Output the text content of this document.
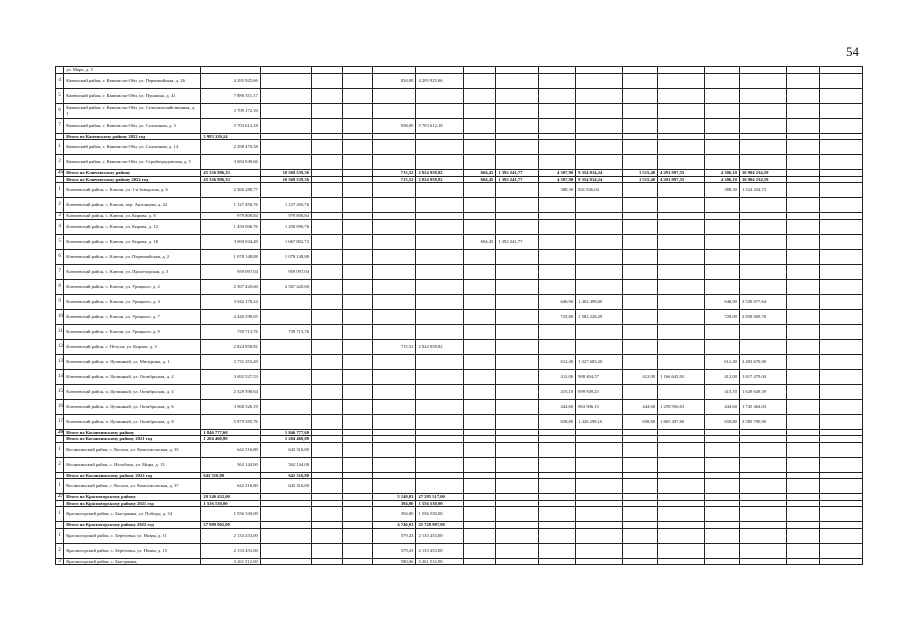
54
	ул. Марx, д. 3																	
4	Каменский район, г. Камень-на-Оби, ул. Первомайская, д. 26	4 295 925,66				834,00	4 295 925,66											
5	Каменский район, г. Камень-на-Оби, ул. Пушкина, д. 41	7 886 551,17																
6	Каменский район, г. Камень-на-Оби, ул. Сельскохозяйственная, д. 1	3 709 172,10																
7	Каменский район, г. Камень-на-Оби, ул. Солнечная, д. 3	5 703 612,18				938,00	5 703 612,18											
	Итого по Каменскому району 2022 год	5 983 320,24																
1	Каменский район, г. Камень-на-Оби, ул. Солнечная, д. 14	2 298 470,58																
2	Каменский район, г. Камень-на-Оби, ул. Стройотрядовская, д. 5	3 684 849,66																
25	Итого по Ключевскому району	45 336 886,33	10 569 539,36			715,52	2 824 958,82	604,45	1 392 241,77	4 307,90	9 354 814,24	1 515,40	4 291 097,55	4 306,10	16 904 234,59			
	Итого по Ключевскому району 2022 год	45 336 886,33	10 569 539,36			715,52	2 824 958,82	604,45	1 392 241,77	4 307,90	9 354 814,24	1 515,40	4 291 097,55	4 306,10	16 904 234,59			
1	Ключевский район, с. Ключи, ул. 1-я Заводская, д. 6	2 366 280,77								388,30	841 846,04			388,30	1 524 434,73			
2	Ключевский район, с. Ключи, пер. Антонцева, д. 22	1 127 450,76	1 127 450,76															
3	Ключевский район, с. Ключи, ул. Кирова, д. 8	979 808,84	979 808,84															
4	Ключевский район, с. Ключи, ул. Кирова, д. 12	1 450 096,76	1 450 096,76															
5	Ключевский район, с. Ключи, ул. Кирова, д. 18	3 060 044,49	1 667 802,72					604,45	1 392 241,77									
6	Ключевский район, с. Ключи, ул. Первомайская, д. 2	1 078 148,88	1 078 148,88															
7	Ключевский район, с. Ключи, ул. Пролетарская, д. 3	959 097,04	959 097,04															
8	Ключевский район, с. Ключи, ул. Урицкого, д. 2	2 567 420,60	2 567 420,60															
9	Ключевский район, с. Ключи, ул. Урицкого, д. 4	3 942 176,24								646,90	1 402 498,60			646,90	2 539 677,64			
10	Ключевский район, с. Ключи, ул. Урицкого, д. 7	4 440 298,05								725,80	1 582 228,29			728,00	2 858 069,76			
11	Ключевский район, с. Ключи, ул. Урицкого, д. 9	739 713,76	739 713,76															
12	Ключевский район, с. Петухи, ул. Кирова, д. 3	2 824 958,82				715,52	2 824 958,82											
13	Ключевский район, п. Целинный, ул. Мичурина, д. 1	3 731 353,20								612,40	1 327 683,20			612,40	2 403 670,00			
14	Ключевский район, п. Целинный, ул. Октябрьская, д. 2	3 692 527,53								412,00	908 404,57	412,00	1 166 643,92	412,00	1 617 479,04			
15	Ключевский район, п. Целинный, ул. Октябрьская, д. 4	2 529 598,64								415,10	899 949,25			415,10	1 629 649,39			
16	Ключевский район, п. Целинный, ул. Октябрьская, д. 6	3 968 326,19								444,60	963 906,13	444,60	1 258 956,03	444,60	1 745 464,03			
17	Ключевский район, п. Целинный, ул. Октябрьская, д. 8	5 879 585,76								658,80	1 428 298,16	658,80	1 865 497,60	658,80	2 585 790,00			
26	Итого по Коснихинскому району	1 846 777,60	1 846 777,60															
	Итого по Коснихинскому району 2021 год	1 204 460,80	1 204 460,80															
1	Коснихинский район, с. Косиха, ул. Комсомольская, д. 35	642 316,80	642 316,80															
2	Коснихинский район, с. Налобиха, ул. Мира, д. 13	562 144,00	562 144,00															
	Итого по Коснихинскому району 2022 год	642 316,80	642 316,80															
1	Коснихинский район, с. Косиха, ул. Комсомольская, д. 37	642 316,80	642 316,80															
27	Итого по Красногорскому району	29 546 432,00				5 140,03	27 285 517,00											
	Итого по Красногорскому району 2021 год	1 556 530,00				394,00	1 556 530,00											
1	Красногорский район, с. Быстрянка, ул. Победы, д. 34	1 556 530,00				394,00	1 556 530,00											
	Итого по Красногорскому району 2022 год	27 989 902,00				4 746,03	25 728 987,00											
1	Красногорский район, с. Берёзовка, ул. Новая, д. 11	2 133 453,00				379,43	2 133 453,00											
2	Красногорский район, с. Берёзовка, ул. Новая, д. 15	2 133 453,00				379,43	2 133 453,00											
3	Красногорский район, с. Быстрянка,	3 261 512,00				580,06	3 261 512,00											
